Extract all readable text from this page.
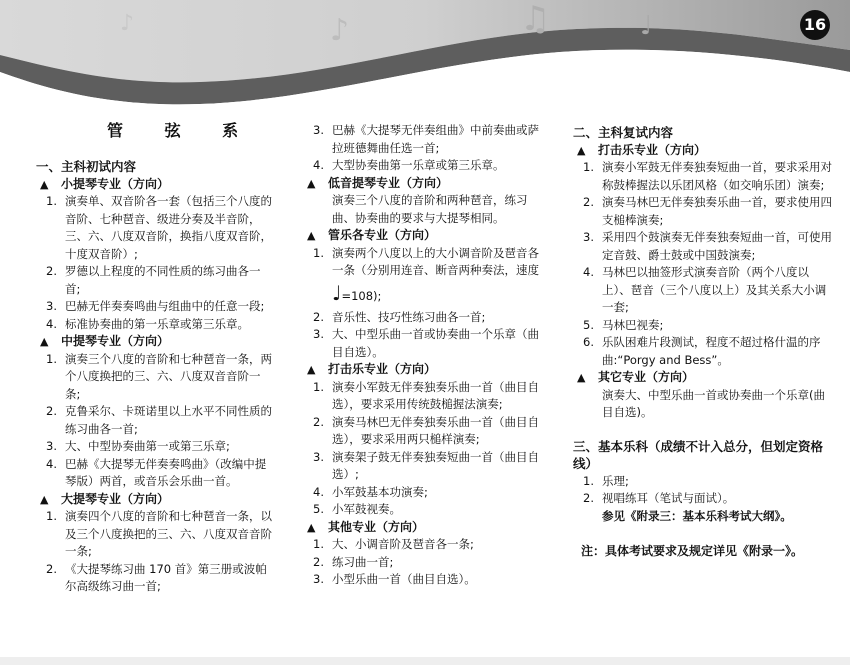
♪	♫	♩
♪	16
管 弦 系

一、主科初试内容

▲ 小提琴专业（方向）

1. 演奏单、双音阶各一套（包括三个八度的音阶、七种琶音、级进分奏及半音阶，三、六、八度双音阶，换指八度双音阶，十度双音阶）;
2. 罗德以上程度的不同性质的练习曲各一首;
3. 巴赫无伴奏奏鸣曲与组曲中的任意一段;
4. 标准协奏曲的第一乐章或第三乐章。

▲ 中提琴专业（方向）

1. 演奏三个八度的音阶和七种琶音一条，两个八度换把的三、六、八度双音音阶一条;
2. 克鲁采尔、卡斑诺里以上水平不同性质的练习曲各一首;
3. 大、中型协奏曲第一或第三乐章;
4. 巴赫《大提琴无伴奏奏鸣曲》（改编中提琴版）两首，或音乐会乐曲一首。

▲ 大提琴专业（方向）

1. 演奏四个八度的音阶和七种琶音一条，以及三个八度换把的三、六、八度双音音阶一条;
2. 《大提琴练习曲 170 首》第三册或波帕尔高级练习曲一首;
3. 巴赫《大提琴无伴奏组曲》中前奏曲或萨拉班德舞曲任选一首;
4. 大型协奏曲第一乐章或第三乐章。

▲ 低音提琴专业（方向）

演奏三个八度的音阶和两种琶音，练习曲、协奏曲的要求与大提琴相同。

▲ 管乐各专业（方向）

1. 演奏两个八度以上的大小调音阶及琶音各一条（分别用连音、断音两种奏法，速度
♩=108);
2. 音乐性、技巧性练习曲各一首;
3. 大、中型乐曲一首或协奏曲一个乐章（曲目自选）。

▲ 打击乐专业（方向）

1. 演奏小军鼓无伴奏独奏乐曲一首（曲目自选），要求采用传统鼓槌握法演奏;
2. 演奏马林巴无伴奏独奏乐曲一首（曲目自选），要求采用两只槌样演奏;
3. 演奏架子鼓无伴奏独奏短曲一首（曲目自选）;
4. 小军鼓基本功演奏;
5. 小军鼓视奏。

▲ 其他专业（方向）

1. 大、小调音阶及琶音各一条;
2. 练习曲一首;
3. 小型乐曲一首（曲目自选）。

二、主科复试内容

▲ 打击乐专业（方向）

1. 演奏小军鼓无伴奏独奏短曲一首，要求采用对称鼓棒握法以乐团风格（如交响乐团）演奏;
2. 演奏马林巴无伴奏独奏乐曲一首，要求使用四支槌棒演奏;
3. 采用四个鼓演奏无伴奏独奏短曲一首，可使用定音鼓、爵士鼓或中国鼓演奏;
4. 马林巴以抽签形式演奏音阶（两个八度以上）、琶音（三个八度以上）及其关系大小调一套;
5. 马林巴视奏;
6. 乐队困难片段测试，程度不超过格什温的序曲:“Porgy and Bess”。

▲ 其它专业（方向）

演奏大、中型乐曲一首或协奏曲一个乐章(曲目自选)。

三、基本乐科（成绩不计入总分，但划定资格线）

1. 乐理;
2. 视唱练耳（笔试与面试）。
参见《附录三：基本乐科考试大纲》。
注：具体考试要求及规定详见《附录一》。
